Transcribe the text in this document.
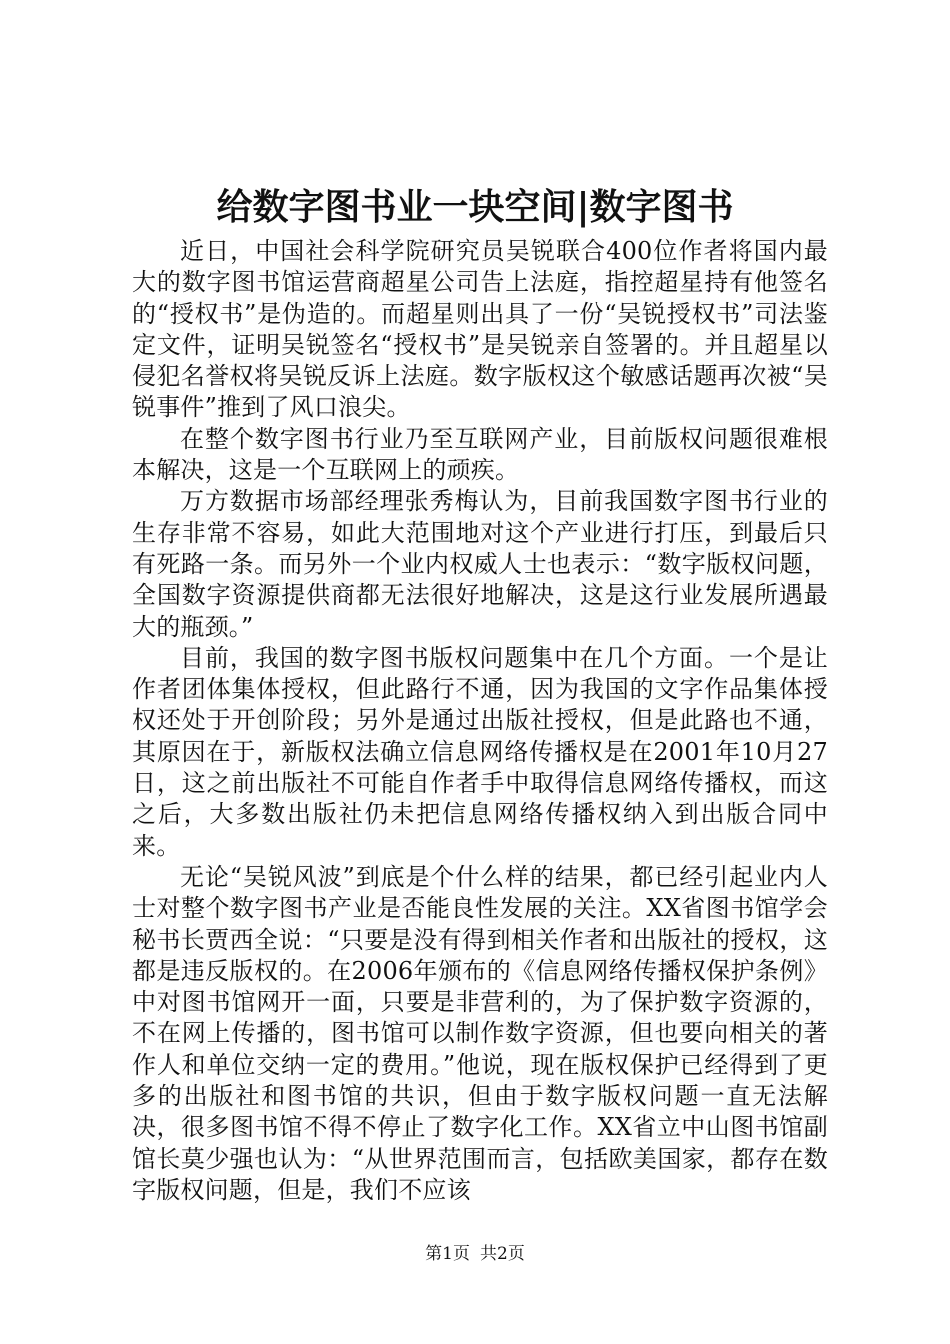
给数字图书业一块空间|数字图书

近日，中国社会科学院研究员吴锐联合400位作者将国内最大的数字图书馆运营商超星公司告上法庭，指控超星持有他签名的“授权书”是伪造的。而超星则出具了一份“吴锐授权书”司法鉴定文件，证明吴锐签名“授权书”是吴锐亲自签署的。并且超星以侵犯名誉权将吴锐反诉上法庭。数字版权这个敏感话题再次被“吴锐事件”推到了风口浪尖。

在整个数字图书行业乃至互联网产业，目前版权问题很难根本解决，这是一个互联网上的顽疾。

万方数据市场部经理张秀梅认为，目前我国数字图书行业的生存非常不容易，如此大范围地对这个产业进行打压，到最后只有死路一条。而另外一个业内权威人士也表示：“数字版权问题，全国数字资源提供商都无法很好地解决，这是这行业发展所遇最大的瓶颈。”

目前，我国的数字图书版权问题集中在几个方面。一个是让作者团体集体授权，但此路行不通，因为我国的文字作品集体授权还处于开创阶段；另外是通过出版社授权，但是此路也不通，其原因在于，新版权法确立信息网络传播权是在2001年10月27日，这之前出版社不可能自作者手中取得信息网络传播权，而这之后，大多数出版社仍未把信息网络传播权纳入到出版合同中来。

无论“吴锐风波”到底是个什么样的结果，都已经引起业内人士对整个数字图书产业是否能良性发展的关注。XX省图书馆学会秘书长贾西全说：“只要是没有得到相关作者和出版社的授权，这都是违反版权的。在2006年颁布的《信息网络传播权保护条例》中对图书馆网开一面，只要是非营利的，为了保护数字资源的，不在网上传播的，图书馆可以制作数字资源，但也要向相关的著作人和单位交纳一定的费用。”他说，现在版权保护已经得到了更多的出版社和图书馆的共识，但由于数字版权问题一直无法解决，很多图书馆不得不停止了数字化工作。XX省立中山图书馆副馆长莫少强也认为：“从世界范围而言，包括欧美国家，都存在数字版权问题，但是，我们不应该

第1页 共2页
